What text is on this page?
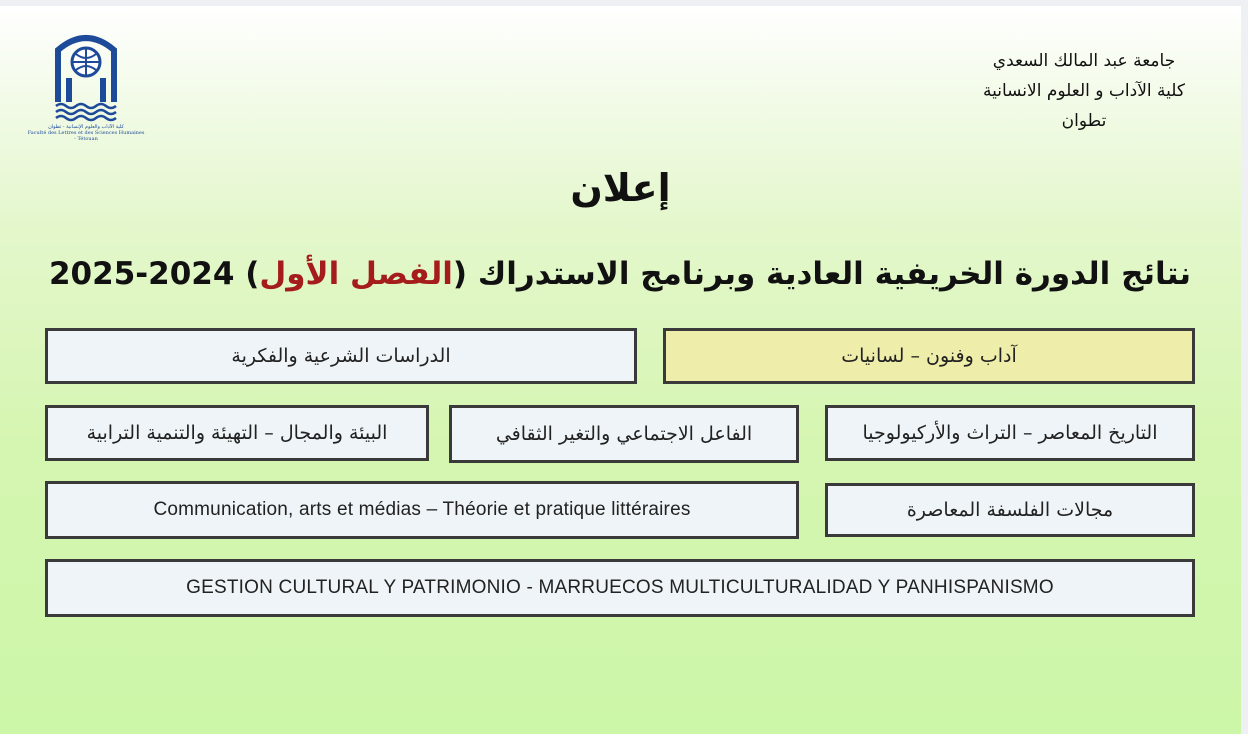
كلية الآداب والعلوم الإنسانية - تطوان
Faculté des Lettres et des Sciences Humaines - Tétouan
جامعة عبد المالك السعدي
كلية الآداب و العلوم الانسانية
تطوان
إعلان
نتائج الدورة الخريفية العادية وبرنامج الاستدراك (الفصل الأول) 2024-2025
آداب وفنون – لسانيات
الدراسات الشرعية والفكرية
التاريخ المعاصر – التراث والأركيولوجيا
الفاعل الاجتماعي والتغير الثقافي
البيئة والمجال – التهيئة والتنمية الترابية
مجالات الفلسفة المعاصرة
Communication, arts et médias – Théorie et pratique littéraires
GESTION CULTURAL Y PATRIMONIO - MARRUECOS MULTICULTURALIDAD Y PANHISPANISMO
